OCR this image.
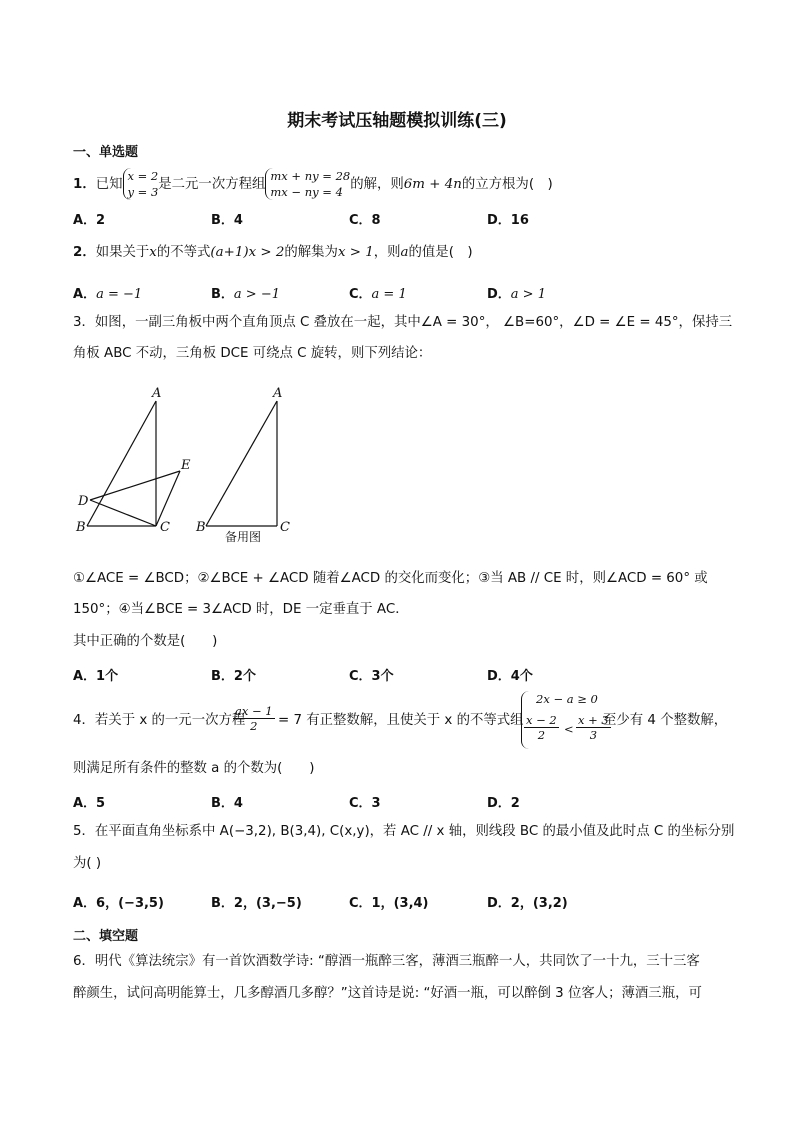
期末考试压轴题模拟训练(三)
一、单选题
1．已知
x = 2
y = 3 是二元一次方程组
mx + ny = 28
mx − ny = 4 的解，则6m + 4n的立方根为(　)
A．2	B．4	C．8	D．16
2．如果关于x的不等式(a+1)x > 2的解集为x > 1，则a的值是(　)
A．a = −1	B．a > −1	C．a = 1	D．a > 1
3．如图，一副三角板中两个直角顶点 C 叠放在一起，其中∠A = 30°， ∠B=60°，∠D = ∠E = 45°，保持三
角板 ABC 不动，三角板 DCE 可绕点 C 旋转，则下列结论：
A
E
D
B	C
A
B	C
备用图
①∠ACE = ∠BCD；②∠BCE + ∠ACD 随着∠ACD 的交化而变化；③当 AB // CE 时，则∠ACD = 60° 或
150°；④当∠BCE = 3∠ACD 时，DE 一定垂直于 AC．
其中正确的个数是(　　)
A．1个	B．2个	C．3个	D．4个
4．若关于 x 的一元一次方程
$\frac{ax - 1}{2} = 7$ 有正整数解，且使关于 x 的不等式组
2x − a ≥ 0
$\frac{x - 2}{2} < \frac{x + 3}{3}$
至少有 4 个整数解，
则满足所有条件的整数 a 的个数为(　　)
A．5	B．4	C．3	D．2
5．在平面直角坐标系中 A(−3,2), B(3,4), C(x,y)，若 AC // x 轴，则线段 BC 的最小值及此时点 C 的坐标分别
为( )
A．6，(−3,5)	B．2，(3,−5)	C．1，(3,4)	D．2，(3,2)
二、填空题
6．明代《算法统宗》有一首饮酒数学诗: “醇酒一瓶醉三客，薄酒三瓶醉一人，共同饮了一十九，三十三客
醉颜生，试问高明能算士，几多醇酒几多醇？”这首诗是说: “好酒一瓶，可以醉倒 3 位客人；薄酒三瓶，可
